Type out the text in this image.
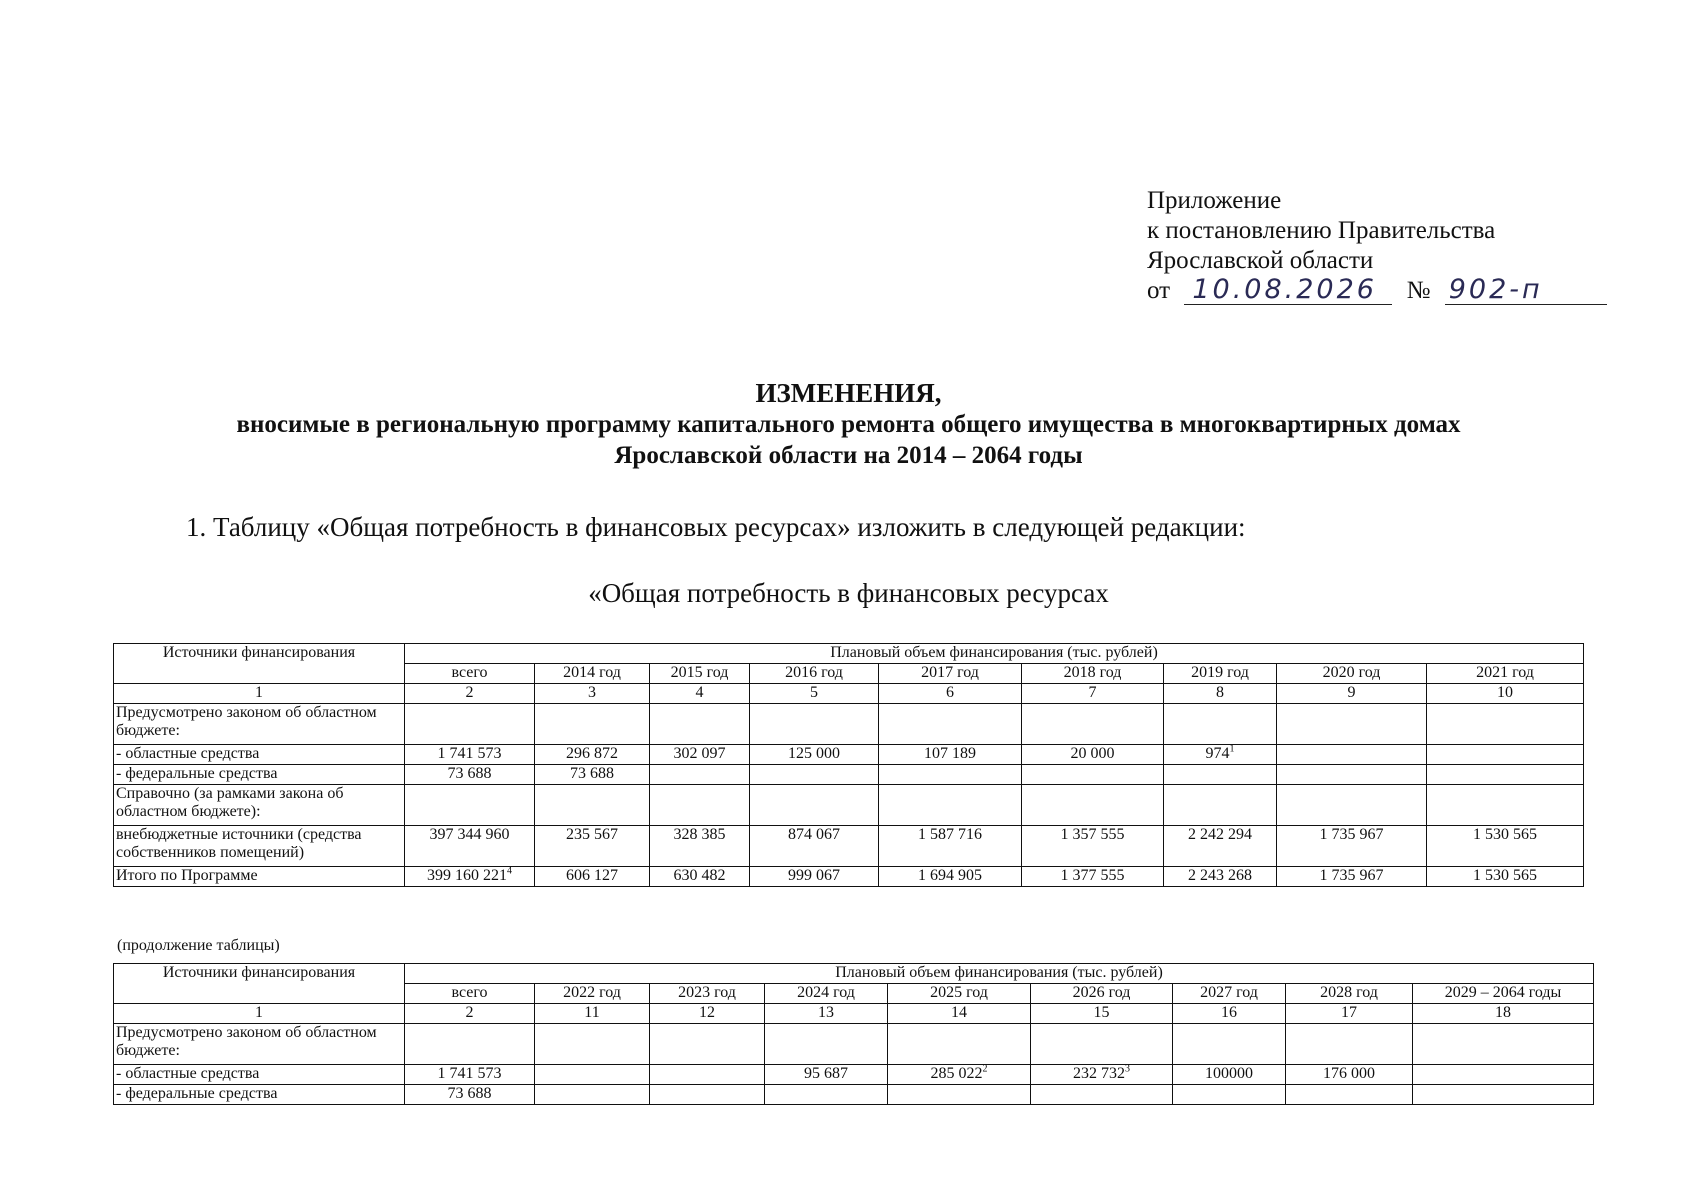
Приложение
к постановлению Правительства
Ярославской области
от 10.08.2026 № 902-п
ИЗМЕНЕНИЯ,
вносимые в региональную программу капитального ремонта общего имущества в многоквартирных домах
Ярославской области на 2014 – 2064 годы
1. Таблицу «Общая потребность в финансовых ресурсах» изложить в следующей редакции:
«Общая потребность в финансовых ресурсах
Источники финансирования	Плановый объем финансирования (тыс. рублей)								
	всего	2014 год	2015 год	2016 год	2017 год	2018 год	2019 год	2020 год	2021 год
1	2	3	4	5	6	7	8	9	10
Предусмотрено законом об областном бюджете:									
- областные средства	1 741 573	296 872	302 097	125 000	107 189	20 000	$974^1$		
- федеральные средства	73 688	73 688							
Справочно (за рамками закона об областном бюджете):									
внебюджетные источники (средства собственников помещений)	397 344 960	235 567	328 385	874 067	1 587 716	1 357 555	2 242 294	1 735 967	1 530 565
Итого по Программе	399 160 $221^4$	606 127	630 482	999 067	1 694 905	1 377 555	2 243 268	1 735 967	1 530 565
(продолжение таблицы)
Источники финансирования	Плановый объем финансирования (тыс. рублей)								
	всего	2022 год	2023 год	2024 год	2025 год	2026 год	2027 год	2028 год	2029 – 2064 годы
1	2	11	12	13	14	15	16	17	18
Предусмотрено законом об областном бюджете:									
- областные средства	1 741 573			95 687	285 $022^2$	232 $732^3$	100000	176 000	
- федеральные средства	73 688								
